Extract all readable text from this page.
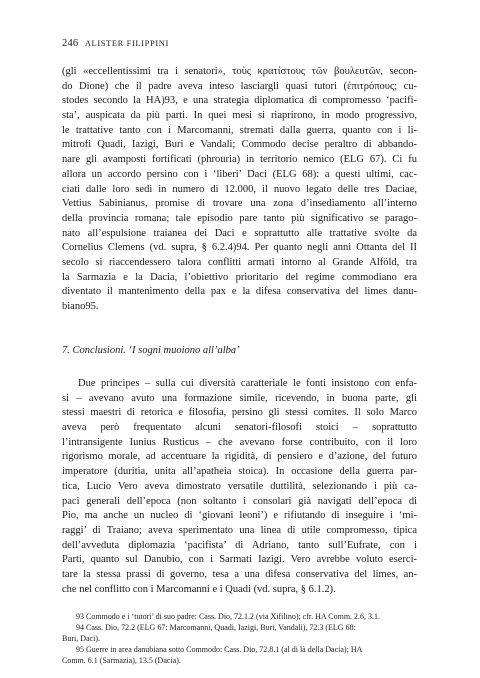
246 ALISTER FILIPPINI
(gli «eccellentissimi tra i senatori», τοὺς κρατίστους τῶν βουλευτῶν, secon-
do Dione) che il padre aveva inteso lasciargli quasi tutori (ἐπιτρόπους; cu-
stodes secondo la HA)93, e una strategia diplomatica di compromesso ‘pacifi-
sta’, auspicata da più parti. In quei mesi si riaprirono, in modo progressivo,
le trattative tanto con i Marcomanni, stremati dalla guerra, quanto con i li-
mitrofi Quadi, Iazigi, Buri e Vandali; Commodo decise peraltro di abbando-
nare gli avamposti fortificati (phrouria) in territorio nemico (ELG 67). Ci fu
allora un accordo persino con i ‘liberi’ Daci (ELG 68): a questi ultimi, cac-
ciati dalle loro sedi in numero di 12.000, il nuovo legato delle tres Daciae,
Vettius Sabinianus, promise di trovare una zona d’insediamento all’interno
della provincia romana; tale episodio pare tanto più significativo se parago-
nato all’espulsione traianea dei Daci e soprattutto alle trattative svolte da
Cornelius Clemens (vd. supra, § 6.2.4)94. Per quanto negli anni Ottanta del II
secolo si riaccendessero talora conflitti armati intorno al Grande Alföld, tra
la Sarmazia e la Dacia, l’obiettivo prioritario del regime commodiano era
diventato il mantenimento della pax e la difesa conservativa del limes danu-
biano95.
7. Conclusioni. ‘I sogni muoiono all’alba’
Due principes – sulla cui diversità caratteriale le fonti insistono con enfa-
si – avevano avuto una formazione simile, ricevendo, in buona parte, gli
stessi maestri di retorica e filosofia, persino gli stessi comites. Il solo Marco
aveva però frequentato alcuni senatori-filosofi stoici – soprattutto
l’intransigente Iunius Rusticus – che avevano forse contribuito, con il loro
rigorismo morale, ad accentuare la rigidità, di pensiero e d’azione, del futuro
imperatore (duritia, unita all’apatheia stoica). In occasione della guerra par-
tica, Lucio Vero aveva dimostrato versatile duttilità, selezionando i più ca-
paci generali dell’epoca (non soltanto i consolari già navigati dell’epoca di
Pio, ma anche un nucleo di ‘giovani leoni’) e rifiutando di inseguire i ‘mi-
raggi’ di Traiano; aveva sperimentato una linea di utile compromesso, tipica
dell’avveduta diplomazia ‘pacifista’ di Adriano, tanto sull’Eufrate, con i
Parti, quanto sul Danubio, con i Sarmati Iazigi. Vero avrebbe voluto eserci-
tare la stessa prassi di governo, tesa a una difesa conservativa del limes, an-
che nel conflitto con i Marcomanni e i Quadi (vd. supra, § 6.1.2).
93 Commodo e i ‘tutori’ di suo padre: Cass. Dio, 72.1.2 (via Xifilino); cfr. HA Comm. 2.6, 3.1.
94 Cass. Dio, 72.2 (ELG 67: Marcomanni, Quadi, Iazigi, Buri, Vandali), 72.3 (ELG 68:
Buri, Daci).
95 Guerre in area danubiana sotto Commodo: Cass. Dio, 72.8.1 (al di là della Dacia); HA
Comm. 6.1 (Sarmazia), 13.5 (Dacia).
